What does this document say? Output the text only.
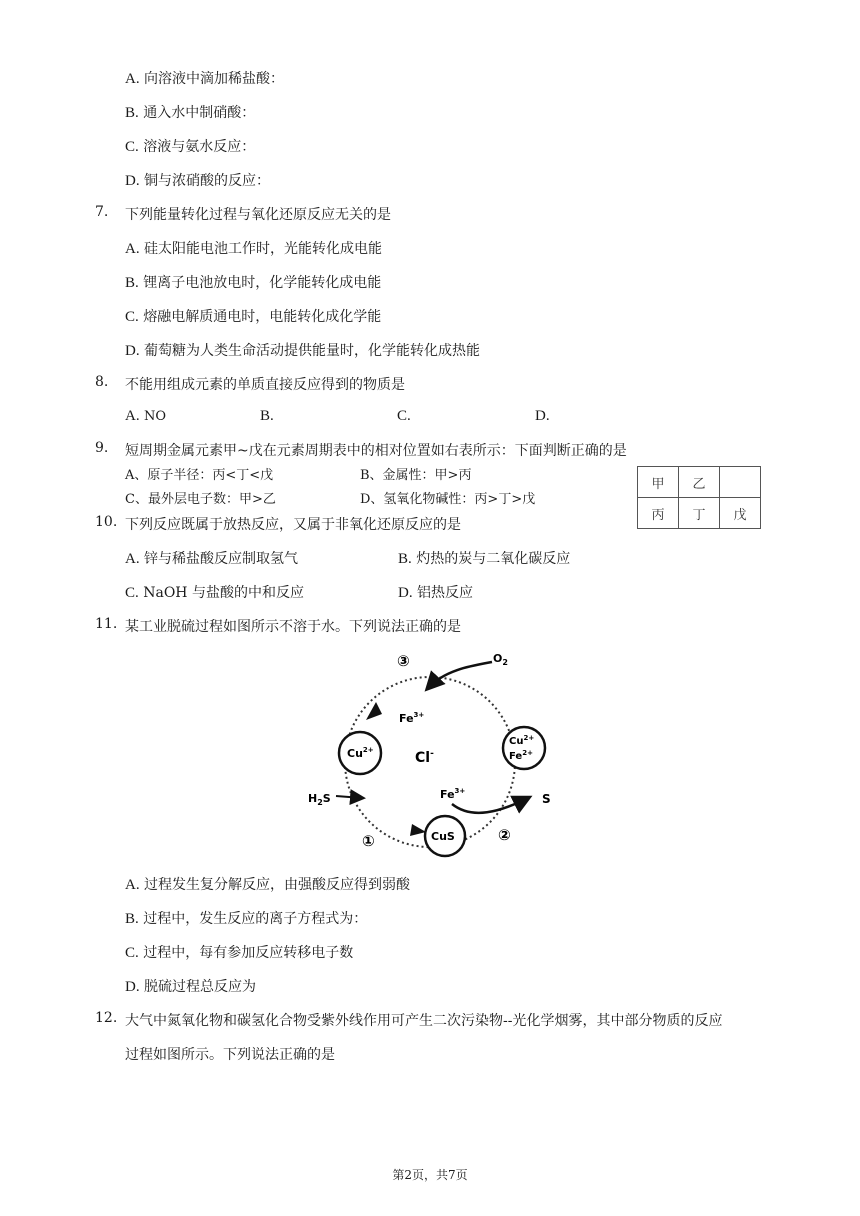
A. 向溶液中滴加稀盐酸：
B. 通入水中制硝酸：
C. 溶液与氨水反应：
D. 铜与浓硝酸的反应：
7. 下列能量转化过程与氧化还原反应无关的是
A. 硅太阳能电池工作时，光能转化成电能
B. 锂离子电池放电时，化学能转化成电能
C. 熔融电解质通电时，电能转化成化学能
D. 葡萄糖为人类生命活动提供能量时，化学能转化成热能
8. 不能用组成元素的单质直接反应得到的物质是
A. NO	B.	C.	D.
9. 短周期金属元素甲~戊在元素周期表中的相对位置如右表所示：下面判断正确的是
A、原子半径：丙<丁<戊	B、金属性：甲>丙
C、最外层电子数：甲>乙	D、氢氧化物碱性：丙>丁>戊
甲	乙	
丙	丁	戊
10. 下列反应既属于放热反应，又属于非氧化还原反应的是
A. 锌与稀盐酸反应制取氢气	B. 灼热的炭与二氧化碳反应
C. NaOH 与盐酸的中和反应	D. 铝热反应
11. 某工业脱硫过程如图所示不溶于水。下列说法正确的是
③	$O_2$
$Fe^{3+}$
$Cu^{2+}$	Cl-
$Cu^{2+}$
$Fe^{2+}$
$H_2S$	$Fe^{3+}$
S
CuS
①	②
A. 过程发生复分解反应，由强酸反应得到弱酸
B. 过程中，发生反应的离子方程式为：
C. 过程中，每有参加反应转移电子数
D. 脱硫过程总反应为
12. 大气中氮氧化物和碳氢化合物受紫外线作用可产生二次污染物--光化学烟雾，其中部分物质的反应
过程如图所示。下列说法正确的是
第2页，共7页
